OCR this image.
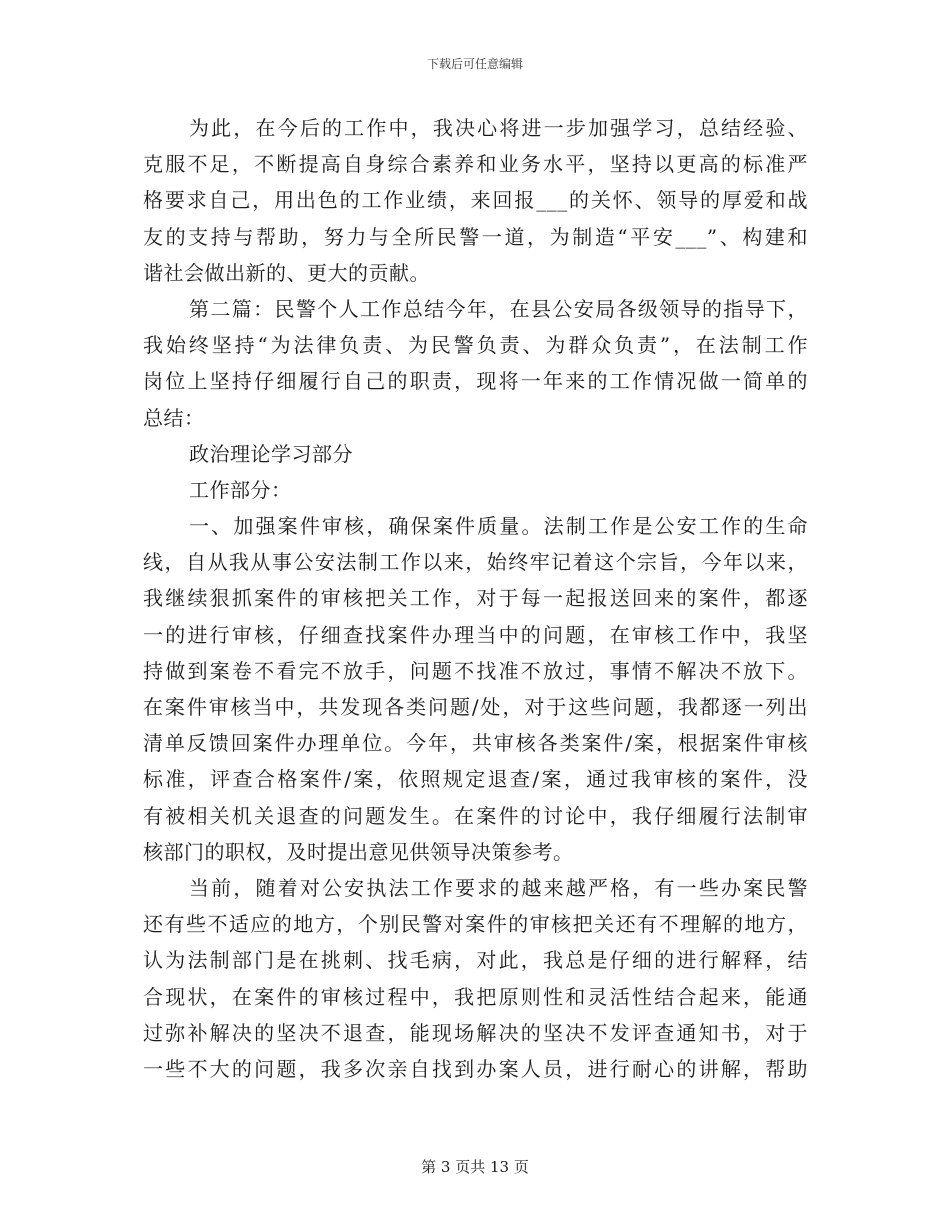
下载后可任意编辑
为此，在今后的工作中，我决心将进一步加强学习，总结经验、
克服不足，不断提高自身综合素养和业务水平，坚持以更高的标准严
格要求自己，用出色的工作业绩，来回报___的关怀、领导的厚爱和战
友的支持与帮助，努力与全所民警一道，为制造“平安___”、构建和
谐社会做出新的、更大的贡献。
第二篇：民警个人工作总结今年，在县公安局各级领导的指导下，
我始终坚持“为法律负责、为民警负责、为群众负责”，在法制工作
岗位上坚持仔细履行自己的职责，现将一年来的工作情况做一简单的
总结：
政治理论学习部分
工作部分：
一、加强案件审核，确保案件质量。法制工作是公安工作的生命
线，自从我从事公安法制工作以来，始终牢记着这个宗旨，今年以来，
我继续狠抓案件的审核把关工作，对于每一起报送回来的案件，都逐
一的进行审核，仔细查找案件办理当中的问题，在审核工作中，我坚
持做到案卷不看完不放手，问题不找准不放过，事情不解决不放下。
在案件审核当中，共发现各类问题/处，对于这些问题，我都逐一列出
清单反馈回案件办理单位。今年，共审核各类案件/案，根据案件审核
标准，评查合格案件/案，依照规定退查/案，通过我审核的案件，没
有被相关机关退查的问题发生。在案件的讨论中，我仔细履行法制审
核部门的职权，及时提出意见供领导决策参考。
当前，随着对公安执法工作要求的越来越严格，有一些办案民警
还有些不适应的地方，个别民警对案件的审核把关还有不理解的地方，
认为法制部门是在挑刺、找毛病，对此，我总是仔细的进行解释，结
合现状，在案件的审核过程中，我把原则性和灵活性结合起来，能通
过弥补解决的坚决不退查，能现场解决的坚决不发评查通知书，对于
一些不大的问题，我多次亲自找到办案人员，进行耐心的讲解，帮助
第 3 页共 13 页
